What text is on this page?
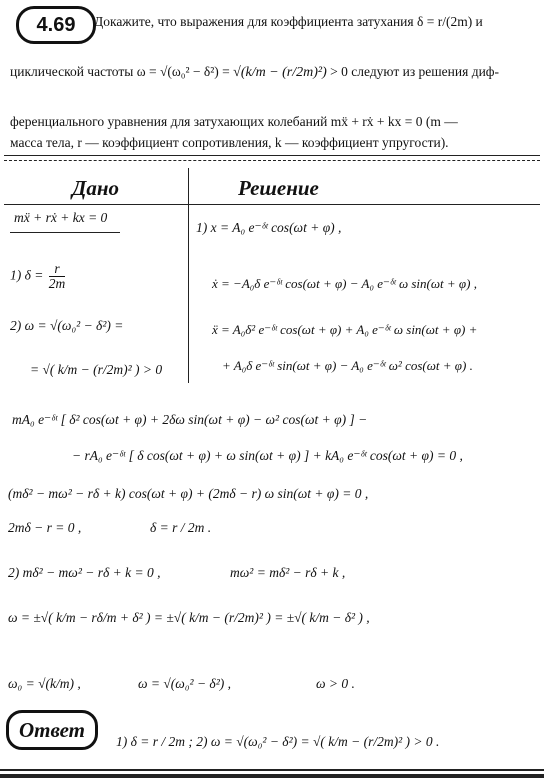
4.69	Докажите, что выражения для коэффициента затухания δ = r/(2m) и
циклической частоты ω = √(ω₀² − δ²) = √(k/m − (r/2m)²) > 0 следуют из решения диф-
ференциального уравнения для затухающих колебаний mẍ + rẋ + kx = 0 (m —
масса тела, r — коэффициент сопротивления, k — коэффициент упругости).
Дано	Решение
mẍ + rẋ + kx = 0
1) $\delta = \frac{r}{2m}$
2) ω = √(ω₀² − δ²) =
= √( k/m − (r/2m)² ) > 0
1) x = A₀ e⁻ᵟᵗ cos(ωt + φ) ,
ẋ = −A₀δ e⁻ᵟᵗ cos(ωt + φ) − A₀ e⁻ᵟᵗ ω sin(ωt + φ) ,
ẍ = A₀δ² e⁻ᵟᵗ cos(ωt + φ) + A₀ e⁻ᵟᵗ ω sin(ωt + φ) +
+ A₀δ e⁻ᵟᵗ sin(ωt + φ) − A₀ e⁻ᵟᵗ ω² cos(ωt + φ) .
mA₀ e⁻ᵟᵗ [ δ² cos(ωt + φ) + 2δω sin(ωt + φ) − ω² cos(ωt + φ) ] −
− rA₀ e⁻ᵟᵗ [ δ cos(ωt + φ) + ω sin(ωt + φ) ] + kA₀ e⁻ᵟᵗ cos(ωt + φ) = 0 ,
(mδ² − mω² − rδ + k) cos(ωt + φ) + (2mδ − r) ω sin(ωt + φ) = 0 ,
2mδ − r = 0 ,	δ = r / 2m .
2) mδ² − mω² − rδ + k = 0 ,	mω² = mδ² − rδ + k ,
ω = ±√( k/m − rδ/m + δ² ) = ±√( k/m − (r/2m)² ) = ±√( k/m − δ² ) ,
ω₀ = √(k/m) ,	ω = √(ω₀² − δ²) ,	ω > 0 .
Ответ	1) δ = r / 2m ; 2) ω = √(ω₀² − δ²) = √( k/m − (r/2m)² ) > 0 .
